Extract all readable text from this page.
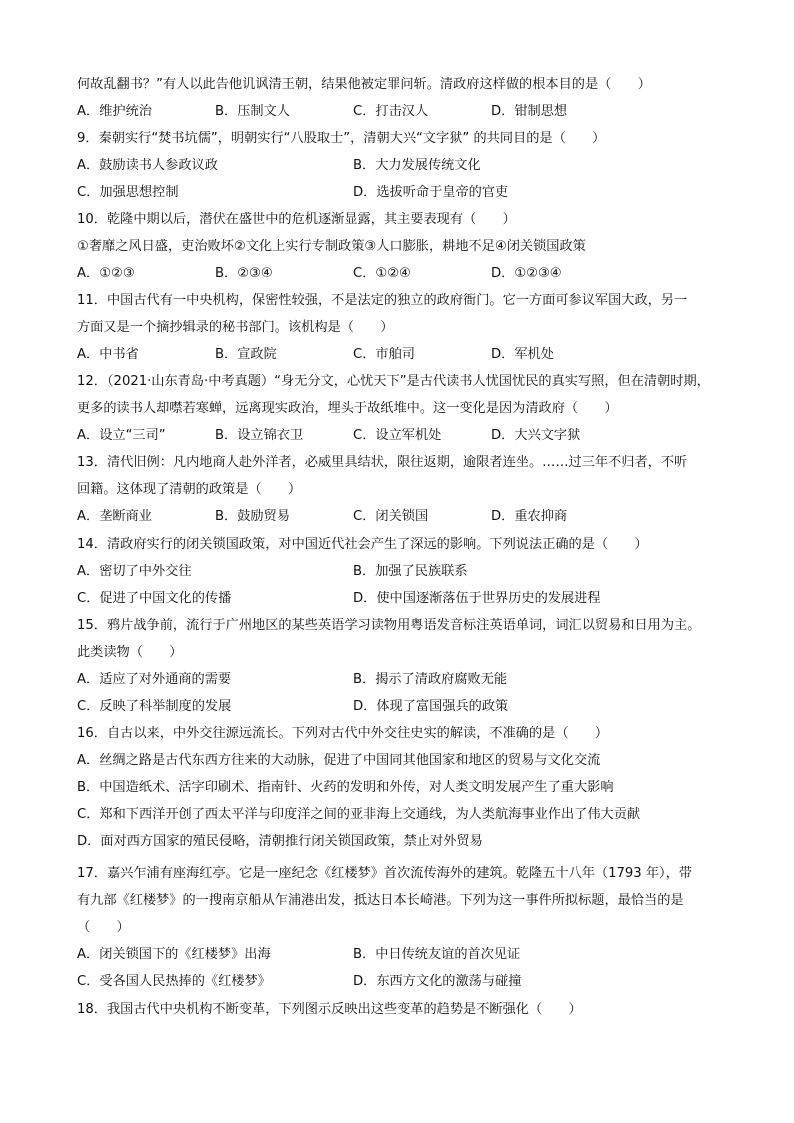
何故乱翻书？”有人以此告他讥讽清王朝，结果他被定罪问斩。清政府这样做的根本目的是（　　）
A．维护统治	B．压制文人	C．打击汉人	D．钳制思想
9．秦朝实行“焚书坑儒”，明朝实行“八股取士”，清朝大兴“文字狱” 的共同目的是（　　）
A．鼓励读书人参政议政	B．大力发展传统文化
C．加强思想控制	D．选拔听命于皇帝的官吏
10．乾隆中期以后，潜伏在盛世中的危机逐渐显露，其主要表现有（　　）
①奢靡之风日盛，吏治败坏②文化上实行专制政策③人口膨胀，耕地不足④闭关锁国政策
A．①②③	B．②③④	C．①②④	D．①②③④
11．中国古代有一中央机构，保密性较强，不是法定的独立的政府衙门。它一方面可参议军国大政，另一
方面又是一个摘抄辑录的秘书部门。该机构是（　　）
A．中书省	B．宣政院	C．市舶司	D．军机处
12．（2021·山东青岛·中考真题）“身无分文，心忧天下”是古代读书人忧国忧民的真实写照，但在清朝时期，
更多的读书人却噤若寒蝉，远离现实政治，埋头于故纸堆中。这一变化是因为清政府（　　）
A．设立“三司”	B．设立锦衣卫	C．设立军机处	D．大兴文字狱
13．清代旧例：凡内地商人赴外洋者，必威里具结状，限往返期，逾限者连坐。……过三年不归者，不听
回籍。这体现了清朝的政策是（　　）
A．垄断商业	B．鼓励贸易	C．闭关锁国	D．重农抑商
14．清政府实行的闭关锁国政策，对中国近代社会产生了深远的影响。下列说法正确的是（　　）
A．密切了中外交往	B．加强了民族联系
C．促进了中国文化的传播	D．使中国逐渐落伍于世界历史的发展进程
15．鸦片战争前，流行于广州地区的某些英语学习读物用粤语发音标注英语单词，词汇以贸易和日用为主。
此类读物（　　）
A．适应了对外通商的需要	B．揭示了清政府腐败无能
C．反映了科举制度的发展	D．体现了富国强兵的政策
16．自古以来，中外交往源远流长。下列对古代中外交往史实的解读，不准确的是（　　）
A．丝绸之路是古代东西方往来的大动脉，促进了中国同其他国家和地区的贸易与文化交流
B．中国造纸术、活字印刷术、指南针、火药的发明和外传，对人类文明发展产生了重大影响
C．郑和下西洋开创了西太平洋与印度洋之间的亚非海上交通线，为人类航海事业作出了伟大贡献
D．面对西方国家的殖民侵略，清朝推行闭关锁国政策，禁止对外贸易
17．嘉兴乍浦有座海红亭。它是一座纪念《红楼梦》首次流传海外的建筑。乾隆五十八年（1793 年），带
有九部《红楼梦》的一搜南京船从乍浦港出发，抵达日本长崎港。下列为这一事件所拟标题，最恰当的是
（　　）
A．闭关锁国下的《红楼梦》出海	B．中日传统友谊的首次见证
C．受各国人民热捧的《红楼梦》	D．东西方文化的激荡与碰撞
18．我国古代中央机构不断变革，下列图示反映出这些变革的趋势是不断强化（　　）
